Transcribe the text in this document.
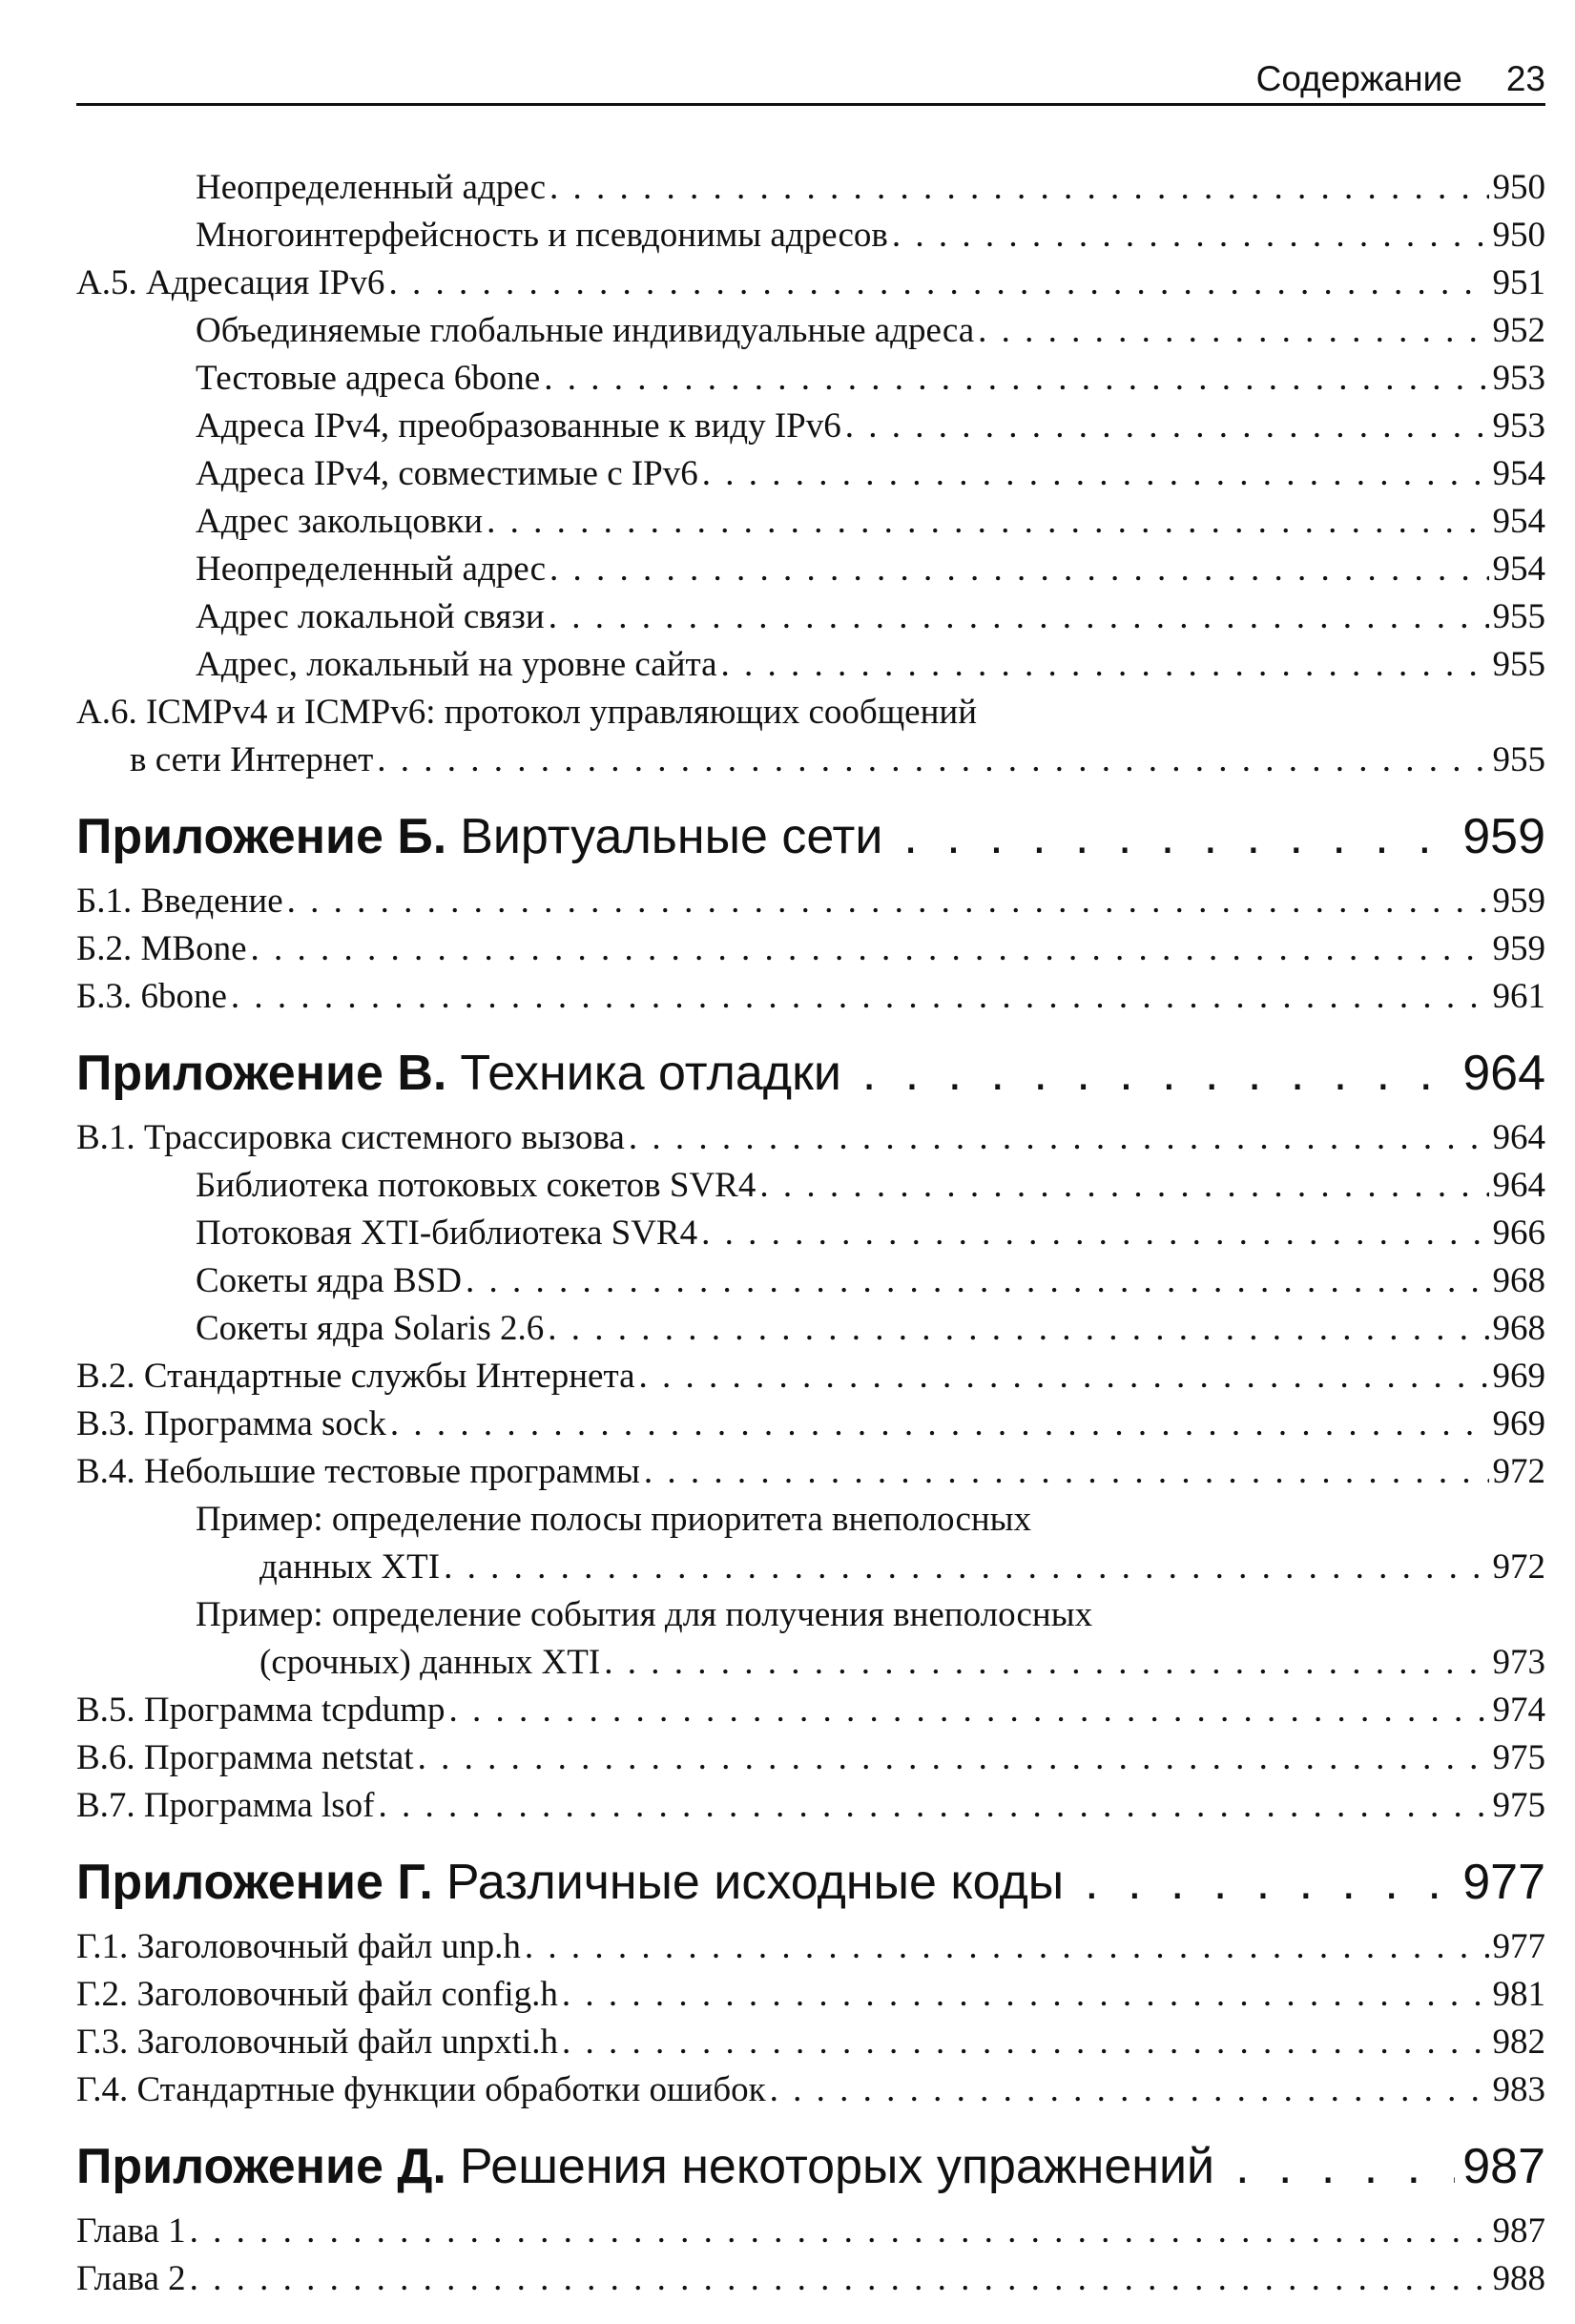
Содержание 23
Неопределенный адрес . . .	950
Многоинтерфейсность и псевдонимы адресов . . .	950
А.5. Адресация IPv6 . . .	951
Объединяемые глобальные индивидуальные адреса . . .	952
Тестовые адреса 6bone . . .	953
Адреса IPv4, преобразованные к виду IPv6 . . .	953
Адреса IPv4, совместимые с IPv6 . . .	954
Адрес закольцовки . . .	954
Неопределенный адрес . . .	954
Адрес локальной связи . . .	955
Адрес, локальный на уровне сайта . . .	955
А.6. ICMPv4 и ICMPv6: протокол управляющих сообщений
в сети Интернет . . .	955
Приложение Б. Виртуальные сети . . .	959
Б.1. Введение . . .	959
Б.2. MBone . . .	959
Б.3. 6bone . . .	961
Приложение В. Техника отладки . . .	964
В.1. Трассировка системного вызова . . .	964
Библиотека потоковых сокетов SVR4 . . .	964
Потоковая XTI-библиотека SVR4 . . .	966
Сокеты ядра BSD . . .	968
Сокеты ядра Solaris 2.6 . . .	968
В.2. Стандартные службы Интернета . . .	969
В.3. Программа sock . . .	969
В.4. Небольшие тестовые программы . . .	972
Пример: определение полосы приоритета внеполосных
данных XTI . . .	972
Пример: определение события для получения внеполосных
(срочных) данных XTI . . .	973
В.5. Программа tcpdump . . .	974
В.6. Программа netstat . . .	975
В.7. Программа lsof . . .	975
Приложение Г. Различные исходные коды . . .	977
Г.1. Заголовочный файл unp.h . . .	977
Г.2. Заголовочный файл config.h . . .	981
Г.3. Заголовочный файл unpxti.h . . .	982
Г.4. Стандартные функции обработки ошибок . . .	983
Приложение Д. Решения некоторых упражнений . . .	987
Глава 1 . . .	987
Глава 2 . . .	988
